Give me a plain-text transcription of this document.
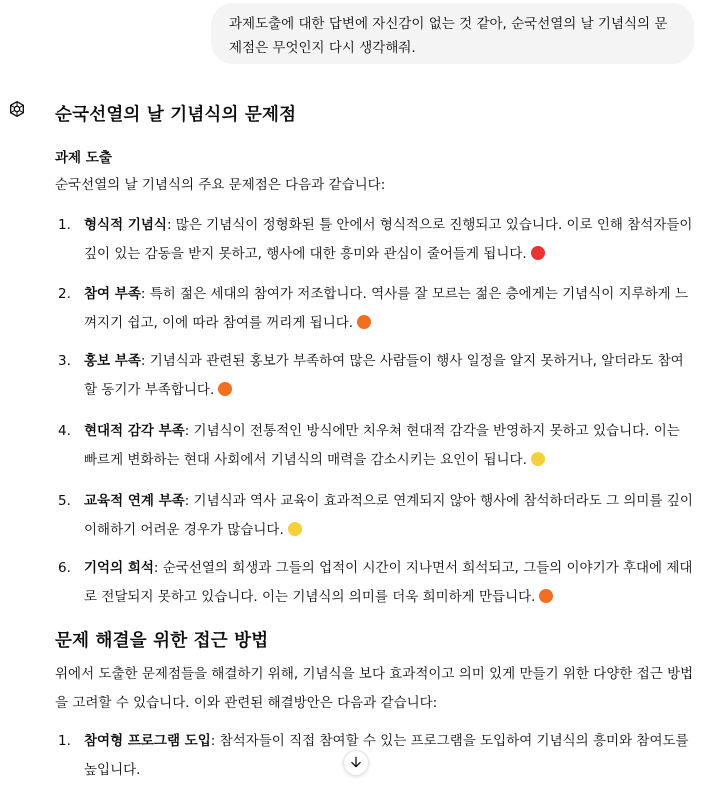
과제도출에 대한 답변에 자신감이 없는 것 같아, 순국선열의 날 기념식의 문제점은 무엇인지 다시 생각해줘.
순국선열의 날 기념식의 문제점
과제 도출
순국선열의 날 기념식의 주요 문제점은 다음과 같습니다:
1. 형식적 기념식: 많은 기념식이 정형화된 틀 안에서 형식적으로 진행되고 있습니다. 이로 인해 참석자들이 깊이 있는 감동을 받지 못하고, 행사에 대한 흥미와 관심이 줄어들게 됩니다.
2. 참여 부족: 특히 젊은 세대의 참여가 저조합니다. 역사를 잘 모르는 젊은 층에게는 기념식이 지루하게 느껴지기 쉽고, 이에 따라 참여를 꺼리게 됩니다.
3. 홍보 부족: 기념식과 관련된 홍보가 부족하여 많은 사람들이 행사 일정을 알지 못하거나, 알더라도 참여할 동기가 부족합니다.
4. 현대적 감각 부족: 기념식이 전통적인 방식에만 치우쳐 현대적 감각을 반영하지 못하고 있습니다. 이는 빠르게 변화하는 현대 사회에서 기념식의 매력을 감소시키는 요인이 됩니다.
5. 교육적 연계 부족: 기념식과 역사 교육이 효과적으로 연계되지 않아 행사에 참석하더라도 그 의미를 깊이 이해하기 어려운 경우가 많습니다.
6. 기억의 희석: 순국선열의 희생과 그들의 업적이 시간이 지나면서 희석되고, 그들의 이야기가 후대에 제대로 전달되지 못하고 있습니다. 이는 기념식의 의미를 더욱 희미하게 만듭니다.
문제 해결을 위한 접근 방법
위에서 도출한 문제점들을 해결하기 위해, 기념식을 보다 효과적이고 의미 있게 만들기 위한 다양한 접근 방법을 고려할 수 있습니다. 이와 관련된 해결방안은 다음과 같습니다:
1. 참여형 프로그램 도입: 참석자들이 직접 참여할 수 있는 프로그램을 도입하여 기념식의 흥미와 참여도를 높입니다.
